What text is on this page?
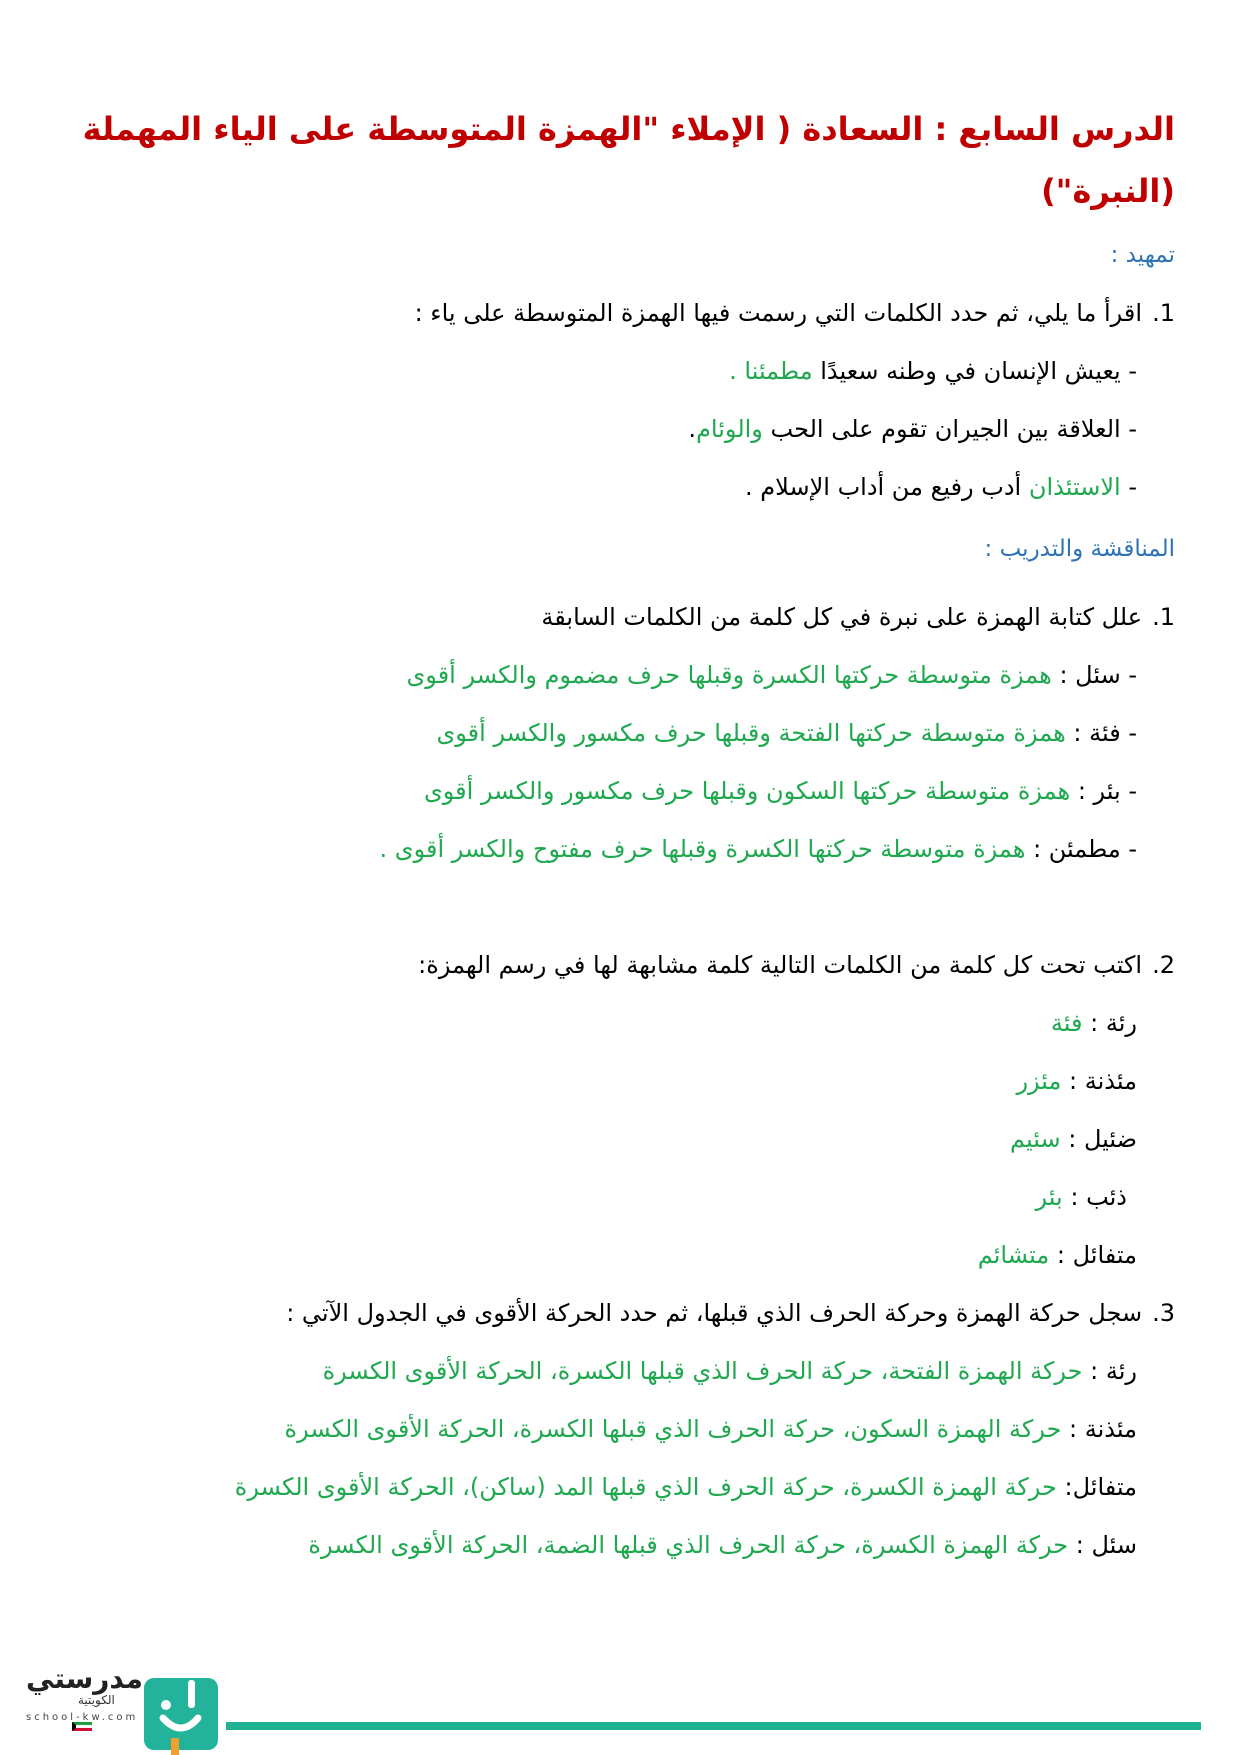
الدرس السابع : السعادة ( الإملاء "الهمزة المتوسطة على الياء المهملة
(النبرة")
تمهيد :
1.اقرأ ما يلي، ثم حدد الكلمات التي رسمت فيها الهمزة المتوسطة على ياء :
- يعيش الإنسان في وطنه سعيدًا مطمئنا .
- العلاقة بين الجيران تقوم على الحب والوئام.
- الاستئذان أدب رفيع من أداب الإسلام .
المناقشة والتدريب :
1.علل كتابة الهمزة على نبرة في كل كلمة من الكلمات السابقة
- سئل : همزة متوسطة حركتها الكسرة وقبلها حرف مضموم والكسر أقوى
- فئة : همزة متوسطة حركتها الفتحة وقبلها حرف مكسور والكسر أقوى
- بئر : همزة متوسطة حركتها السكون وقبلها حرف مكسور والكسر أقوى
- مطمئن : همزة متوسطة حركتها الكسرة وقبلها حرف مفتوح والكسر أقوى .
2.اكتب تحت كل كلمة من الكلمات التالية كلمة مشابهة لها في رسم الهمزة:
رئة : فئة
مئذنة : مئزر
ضئيل : سئيم
ذئب : بئر
متفائل : متشائم
3.سجل حركة الهمزة وحركة الحرف الذي قبلها، ثم حدد الحركة الأقوى في الجدول الآتي :
رئة : حركة الهمزة الفتحة، حركة الحرف الذي قبلها الكسرة، الحركة الأقوى الكسرة
مئذنة : حركة الهمزة السكون، حركة الحرف الذي قبلها الكسرة، الحركة الأقوى الكسرة
متفائل: حركة الهمزة الكسرة، حركة الحرف الذي قبلها المد (ساكن)، الحركة الأقوى الكسرة
سئل : حركة الهمزة الكسرة، حركة الحرف الذي قبلها الضمة، الحركة الأقوى الكسرة
مدرستي
الكويتية
school-kw.com
